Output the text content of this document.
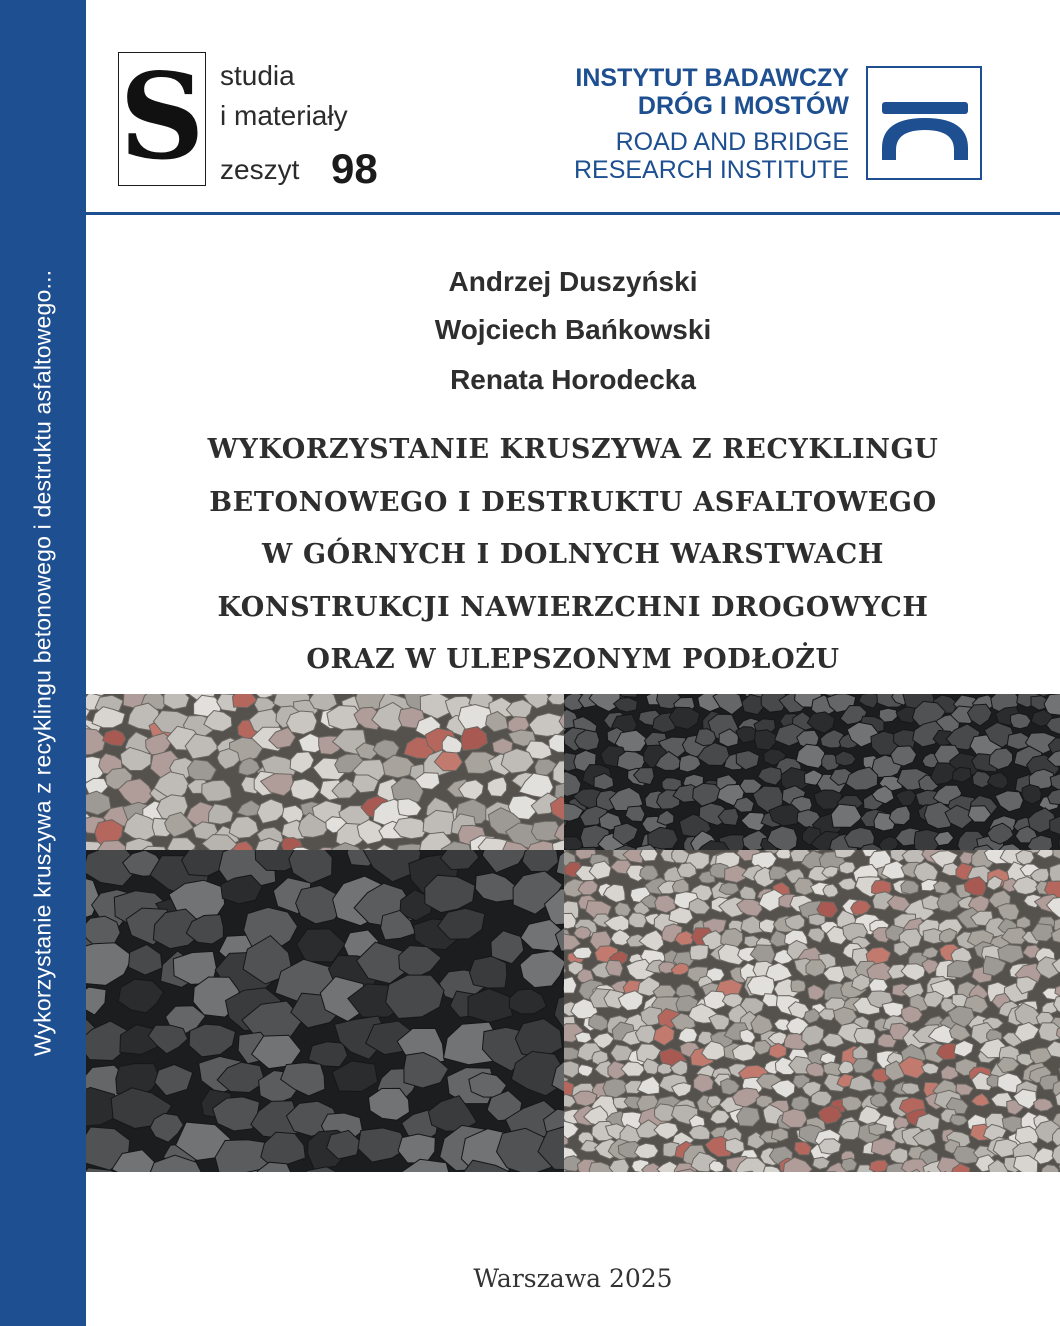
Wykorzystanie kruszywa z recyklingu betonowego i destruktu asfaltowego...
S studia
i materiały
zeszyt 98
INSTYTUT BADAWCZY
DRÓG I MOSTÓW
ROAD AND BRIDGE
RESEARCH INSTITUTE
Andrzej Duszyński
Wojciech Bańkowski
Renata Horodecka
WYKORZYSTANIE KRUSZYWA Z RECYKLINGU
BETONOWEGO I DESTRUKTU ASFALTOWEGO
W GÓRNYCH I DOLNYCH WARSTWACH
KONSTRUKCJI NAWIERZCHNI DROGOWYCH
ORAZ W ULEPSZONYM PODŁOŻU
Warszawa 2025
